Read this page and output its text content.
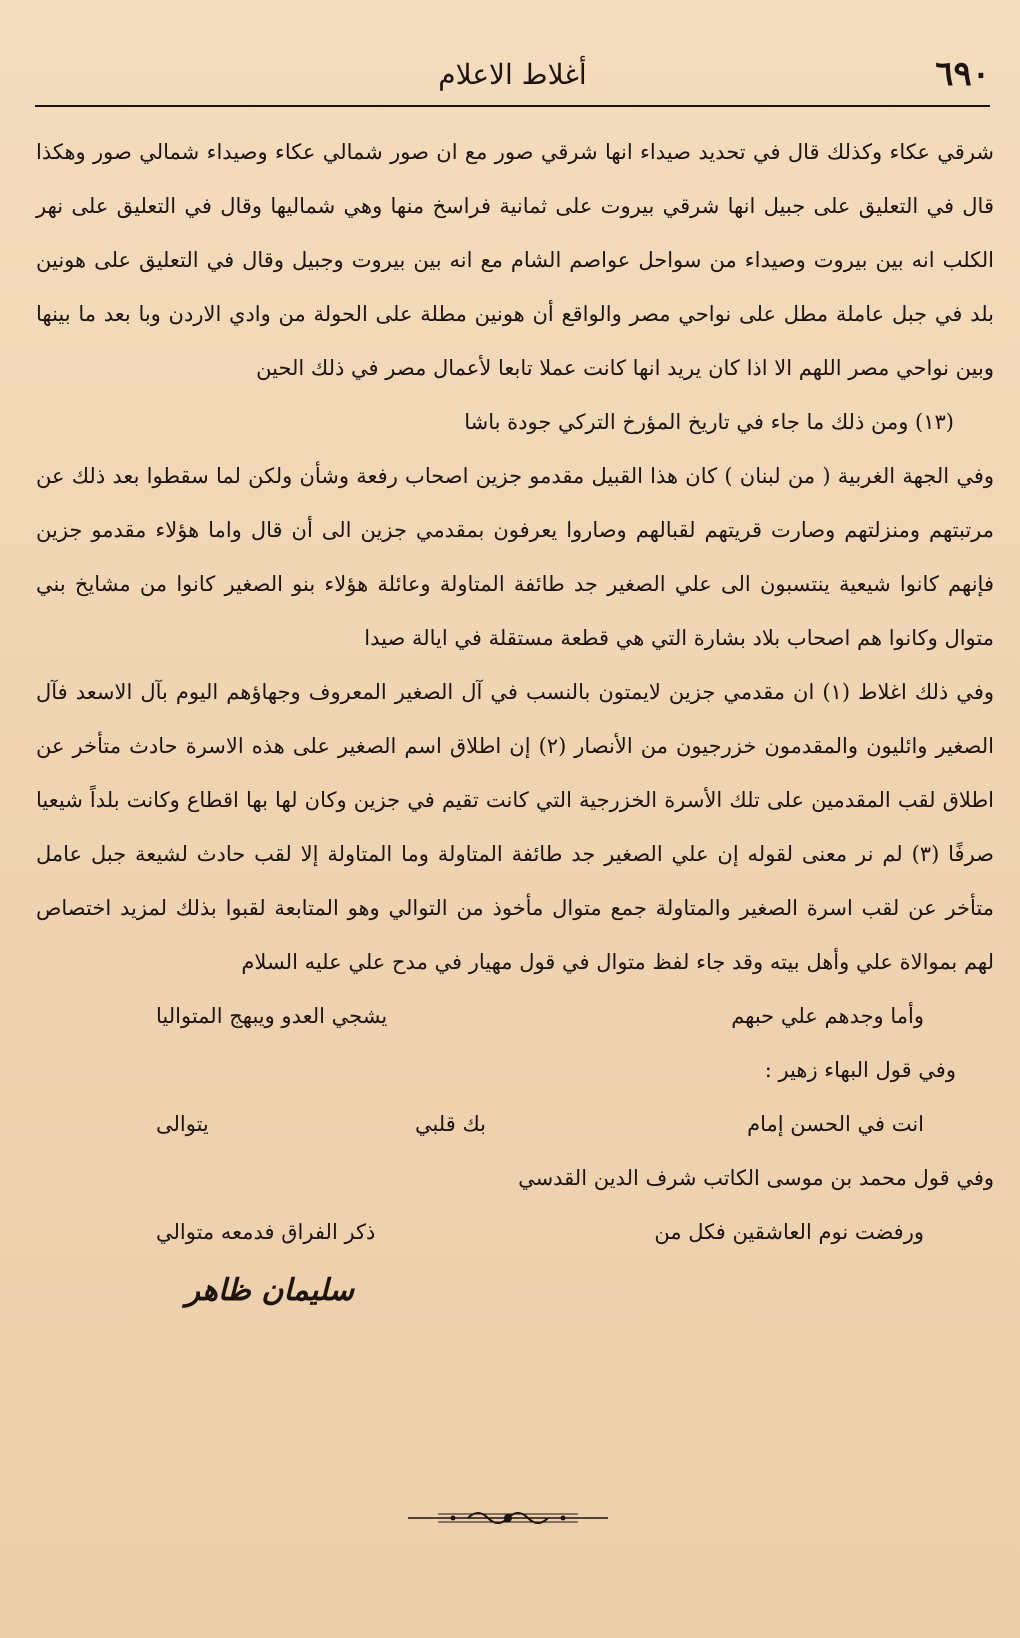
٦٩٠
أغلاط الاعلام

شرقي عكاء وكذلك قال في تحديد صيداء انها شرقي صور مع ان صور شمالي عكاء وصيداء شمالي صور وهكذا قال في التعليق على جبيل انها شرقي بيروت على ثمانية فراسخ منها وهي شماليها وقال في التعليق على نهر الكلب انه بين بيروت وصيداء من سواحل عواصم الشام مع انه بين بيروت وجبيل وقال في التعليق على هونين بلد في جبل عاملة مطل على نواحي مصر والواقع أن هونين مطلة على الحولة من وادي الاردن وبا بعد ما بينها وبين نواحي مصر اللهم الا اذا كان يريد انها كانت عملا تابعا لأعمال مصر في ذلك الحين

(١٣) ومن ذلك ما جاء في تاريخ المؤرخ التركي جودة باشا

وفي الجهة الغربية ( من لبنان ) كان هذا القبيل مقدمو جزين اصحاب رفعة وشأن ولكن لما سقطوا بعد ذلك عن مرتبتهم ومنزلتهم وصارت قريتهم لقبالهم وصاروا يعرفون بمقدمي جزين الى أن قال واما هؤلاء مقدمو جزين فإنهم كانوا شيعية ينتسبون الى علي الصغير جد طائفة المتاولة وعائلة هؤلاء بنو الصغير كانوا من مشايخ بني متوال وكانوا هم اصحاب بلاد بشارة التي هي قطعة مستقلة في ايالة صيدا

وفي ذلك اغلاط (١) ان مقدمي جزين لايمتون بالنسب في آل الصغير المعروف وجهاؤهم اليوم بآل الاسعد فآل الصغير وائليون والمقدمون خزرجيون من الأنصار (٢) إن اطلاق اسم الصغير على هذه الاسرة حادث متأخر عن اطلاق لقب المقدمين على تلك الأسرة الخزرجية التي كانت تقيم في جزين وكان لها بها اقطاع وكانت بلداً شيعيا صرفًا (٣) لم نر معنى لقوله إن علي الصغير جد طائفة المتاولة وما المتاولة إلا لقب حادث لشيعة جبل عامل متأخر عن لقب اسرة الصغير والمتاولة جمع متوال مأخوذ من التوالي وهو المتابعة لقبوا بذلك لمزيد اختصاص لهم بموالاة علي وأهل بيته وقد جاء لفظ متوال في قول مهيار في مدح علي عليه السلام

وأما وجدهم علي حبهم
يشجي العدو ويبهج المتواليا

وفي قول البهاء زهير :

انت في الحسن إمام
بك قلبي
يتوالى

وفي قول محمد بن موسى الكاتب شرف الدين القدسي

ورفضت نوم العاشقين فكل من
ذكر الفراق فدمعه متوالي
سليمان ظاهر
